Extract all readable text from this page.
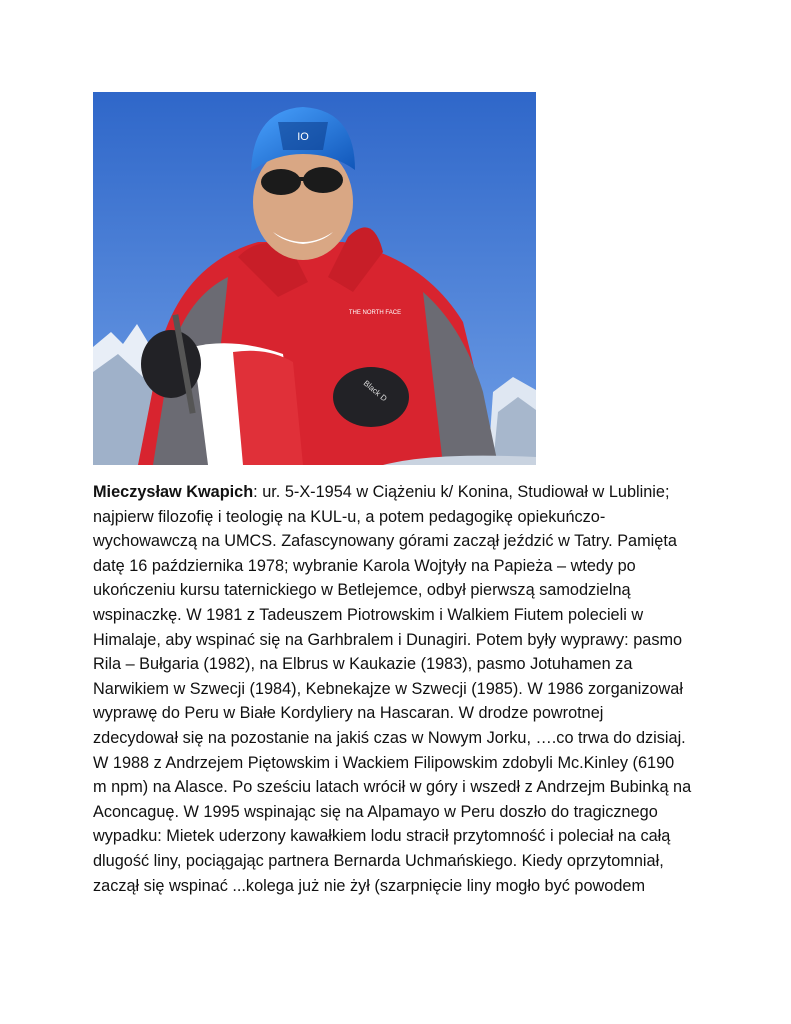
IO
THE NORTH FACE
Black D
Mieczysław Kwapich: ur. 5-X-1954 w Ciążeniu k/ Konina, Studiował w Lublinie;
najpierw filozofię i teologię na KUL-u, a potem pedagogikę opiekuńczo-
wychowawczą na UMCS. Zafascynowany górami zaczął jeździć w Tatry. Pamięta
datę 16 października 1978; wybranie Karola Wojtyły na Papieża – wtedy po
ukończeniu kursu taternickiego w Betlejemce, odbył pierwszą samodzielną
wspinaczkę. W 1981 z Tadeuszem Piotrowskim i Walkiem Fiutem polecieli w
Himalaje, aby wspinać się na Garhbralem i Dunagiri. Potem były wyprawy: pasmo
Rila – Bułgaria (1982), na Elbrus w Kaukazie (1983), pasmo Jotuhamen za
Narwikiem w Szwecji (1984), Kebnekajze w Szwecji (1985). W 1986 zorganizował
wyprawę do Peru w Białe Kordyliery na Hascaran. W drodze powrotnej
zdecydował się na pozostanie na jakiś czas w Nowym Jorku, ….co trwa do dzisiaj.
W 1988 z Andrzejem Piętowskim i Wackiem Filipowskim zdobyli Mc.Kinley (6190
m npm) na Alasce. Po sześciu latach wrócił w góry i wszedł z Andrzejm Bubinką na
Aconcaguę. W 1995 wspinając się na Alpamayo w Peru doszło do tragicznego
wypadku: Mietek uderzony kawałkiem lodu stracił przytomność i poleciał na całą
dlugość liny, pociągając partnera Bernarda Uchmańskiego. Kiedy oprzytomniał,
zaczął się wspinać ...kolega już nie żył (szarpnięcie liny mogło być powodem
